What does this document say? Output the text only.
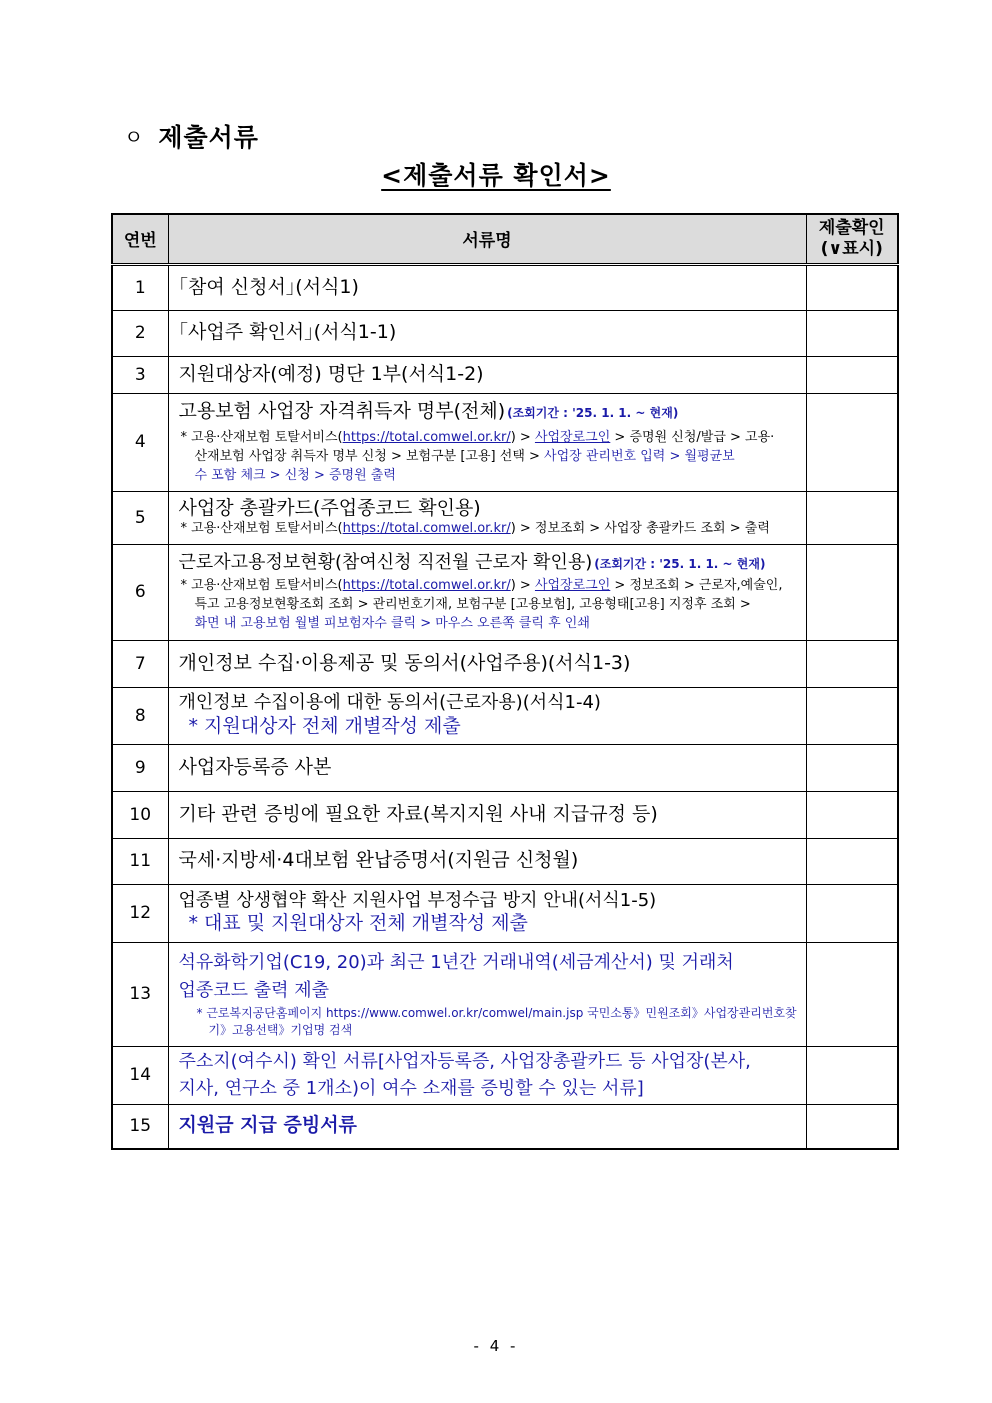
ㅇ 제출서류
<제출서류 확인서>
연번	서류명	제출확인
(∨표시)

1	｢참여 신청서｣(서식1)	
2	｢사업주 확인서｣(서식1-1)	
3	지원대상자(예정) 명단 1부(서식1-2)	
4	고용보험 사업장 자격취득자 명부(전체) (조회기간 : '25. 1. 1. ~ 현재)
* 고용·산재보험 토탈서비스(https://total.comwel.or.kr/) > 사업장로그인 > 증명원 신청/발급 > 고용·
산재보험 사업장 취득자 명부 신청 > 보험구분 [고용] 선택 > 사업장 관리번호 입력 > 월평균보
수 포함 체크 > 신청 > 증명원 출력	

5	사업장 총괄카드(주업종코드 확인용)
* 고용·산재보험 토탈서비스(https://total.comwel.or.kr/) > 정보조회 > 사업장 총괄카드 조회 > 출력	

6	근로자고용정보현황(참여신청 직전월 근로자 확인용) (조회기간 : '25. 1. 1. ~ 현재)
* 고용·산재보험 토탈서비스(https://total.comwel.or.kr/) > 사업장로그인 > 정보조회 > 근로자,예술인,
특고 고용정보현황조회 조회 > 관리번호기재, 보험구분 [고용보험], 고용형태[고용] 지정후 조회 >
화면 내 고용보험 월별 피보험자수 클릭 > 마우스 오른쪽 클릭 후 인쇄	

7	개인정보 수집·이용제공 및 동의서(사업주용)(서식1-3)	
8	개인정보 수집이용에 대한 동의서(근로자용)(서식1-4)
* 지원대상자 전체 개별작성 제출	

9	사업자등록증 사본	
10	기타 관련 증빙에 필요한 자료(복지지원 사내 지급규정 등)	
11	국세·지방세·4대보험 완납증명서(지원금 신청월)	
12	업종별 상생협약 확산 지원사업 부정수급 방지 안내(서식1-5)
* 대표 및 지원대상자 전체 개별작성 제출	

13	석유화학기업(C19, 20)과 최근 1년간 거래내역(세금계산서) 및 거래처
업종코드 출력 제출
* 근로복지공단홈페이지 https://www.comwel.or.kr/comwel/main.jsp 국민소통》민원조회》사업장관리번호찾
기》고용선택》기업명 검색	

14	주소지(여수시) 확인 서류[사업자등록증, 사업장총괄카드 등 사업장(본사,
지사, 연구소 중 1개소)이 여수 소재를 증빙할 수 있는 서류]	

15	지원금 지급 증빙서류	
- 4 -
